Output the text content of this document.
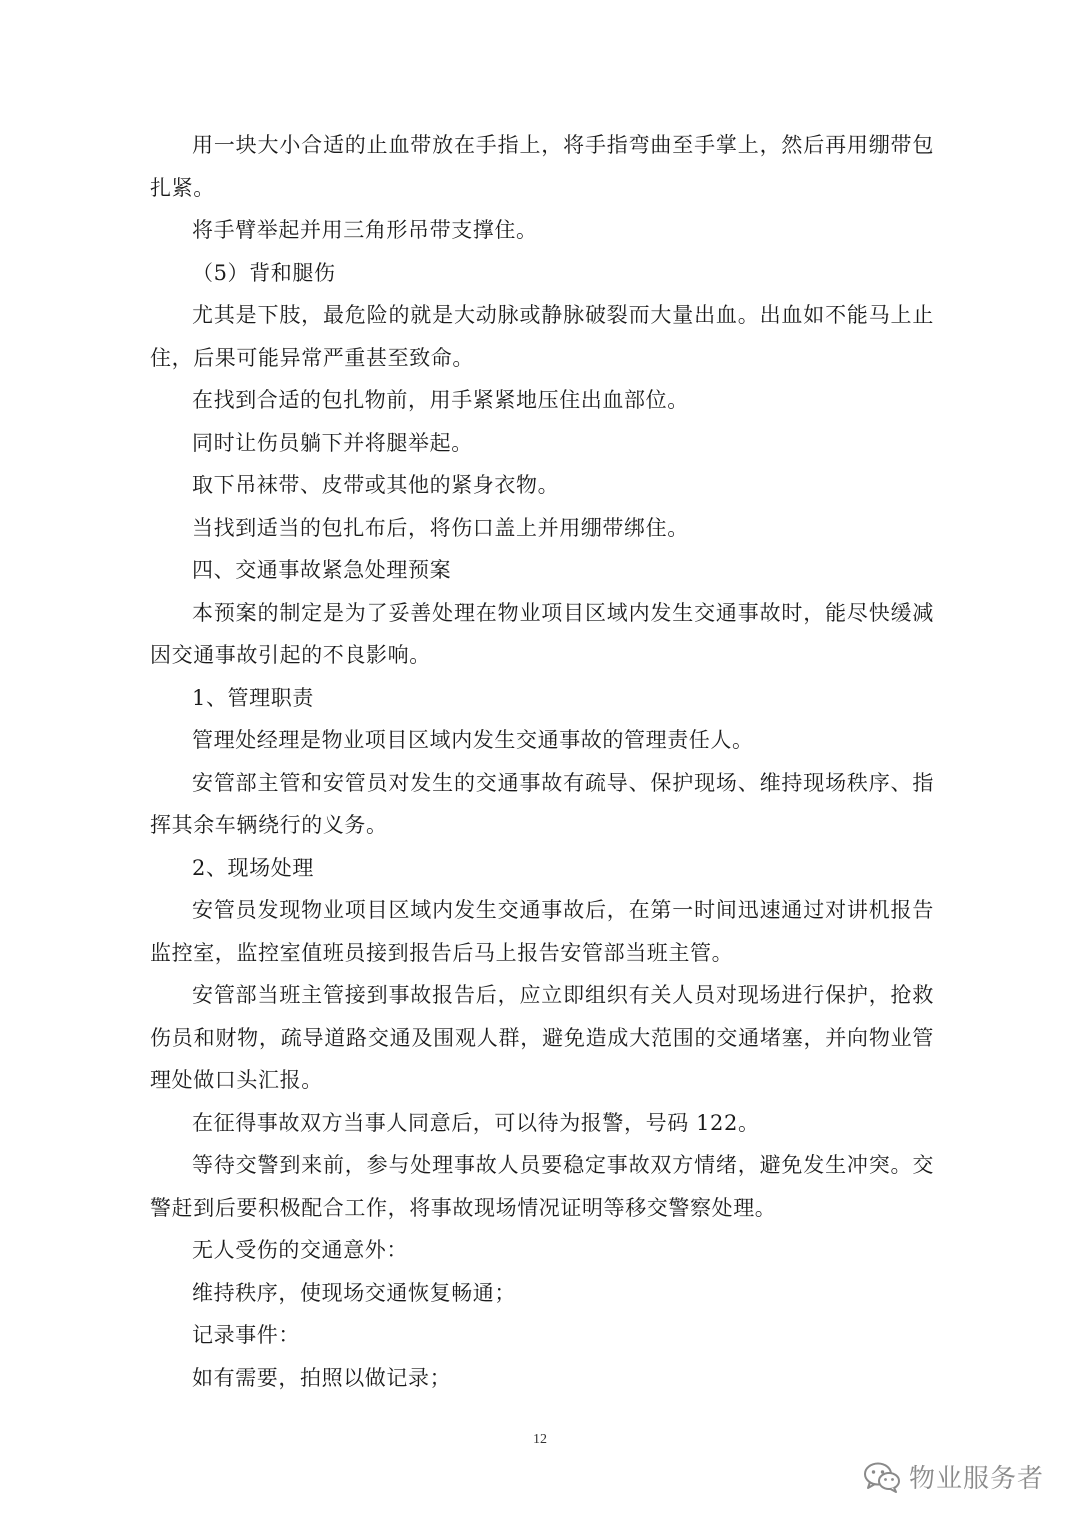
用一块大小合适的止血带放在手指上，将手指弯曲至手掌上，然后再用绷带包扎紧。

将手臂举起并用三角形吊带支撑住。

（5）背和腿伤

尤其是下肢，最危险的就是大动脉或静脉破裂而大量出血。出血如不能马上止住，后果可能异常严重甚至致命。

在找到合适的包扎物前，用手紧紧地压住出血部位。

同时让伤员躺下并将腿举起。

取下吊袜带、皮带或其他的紧身衣物。

当找到适当的包扎布后，将伤口盖上并用绷带绑住。

四、交通事故紧急处理预案

本预案的制定是为了妥善处理在物业项目区域内发生交通事故时，能尽快缓减因交通事故引起的不良影响。

1、管理职责

管理处经理是物业项目区域内发生交通事故的管理责任人。

安管部主管和安管员对发生的交通事故有疏导、保护现场、维持现场秩序、指挥其余车辆绕行的义务。

2、现场处理

安管员发现物业项目区域内发生交通事故后，在第一时间迅速通过对讲机报告监控室，监控室值班员接到报告后马上报告安管部当班主管。

安管部当班主管接到事故报告后，应立即组织有关人员对现场进行保护，抢救伤员和财物，疏导道路交通及围观人群，避免造成大范围的交通堵塞，并向物业管理处做口头汇报。

在征得事故双方当事人同意后，可以待为报警，号码 122。

等待交警到来前，参与处理事故人员要稳定事故双方情绪，避免发生冲突。交警赶到后要积极配合工作，将事故现场情况证明等移交警察处理。

无人受伤的交通意外：

维持秩序，使现场交通恢复畅通；

记录事件：

如有需要，拍照以做记录；

12
物业服务者
